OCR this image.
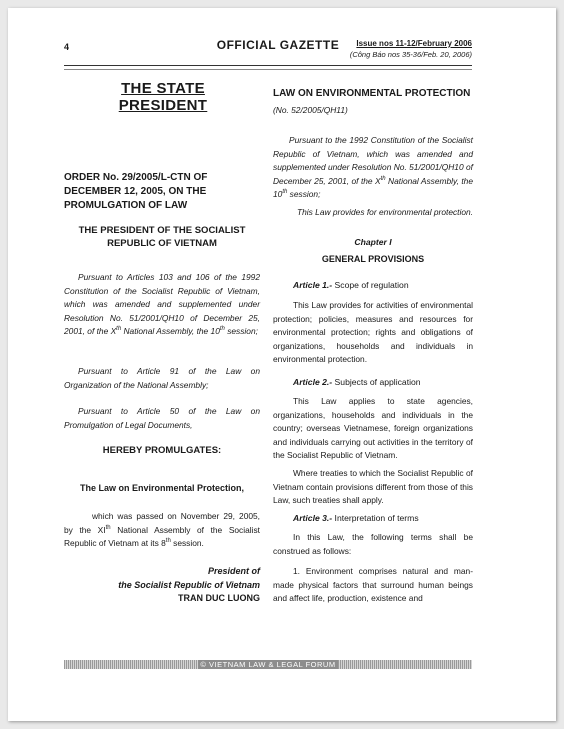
4	OFFICIAL GAZETTE	Issue nos 11-12/February 2006
(Công Báo nos 35-36/Feb. 20, 2006)
THE STATE PRESIDENT
ORDER No. 29/2005/L-CTN OF DECEMBER 12, 2005, ON THE PROMULGATION OF LAW
THE PRESIDENT OF THE SOCIALIST REPUBLIC OF VIETNAM
Pursuant to Articles 103 and 106 of the 1992 Constitution of the Socialist Republic of Vietnam, which was amended and supplemented under Resolution No. 51/2001/QH10 of December 25, 2001, of the Xth National Assembly, the 10th session;
Pursuant to Article 91 of the Law on Organization of the National Assembly;
Pursuant to Article 50 of the Law on Promulgation of Legal Documents,
HEREBY PROMULGATES:
The Law on Environmental Protection,
which was passed on November 29, 2005, by the XIth National Assembly of the Socialist Republic of Vietnam at its 8th session.
President of
the Socialist Republic of Vietnam
TRAN DUC LUONG
LAW ON ENVIRONMENTAL PROTECTION
(No. 52/2005/QH11)
Pursuant to the 1992 Constitution of the Socialist Republic of Vietnam, which was amended and supplemented under Resolution No. 51/2001/QH10 of December 25, 2001, of the Xth National Assembly, the 10th session;
This Law provides for environmental protection.
Chapter I
GENERAL PROVISIONS
Article 1.- Scope of regulation
This Law provides for activities of environmental protection; policies, measures and resources for environmental protection; rights and obligations of organizations, households and individuals in environmental protection.
Article 2.- Subjects of application
This Law applies to state agencies, organizations, households and individuals in the country; overseas Vietnamese, foreign organizations and individuals carrying out activities in the territory of the Socialist Republic of Vietnam.
Where treaties to which the Socialist Republic of Vietnam contain provisions different from those of this Law, such treaties shall apply.
Article 3.- Interpretation of terms
In this Law, the following terms shall be construed as follows:
1. Environment comprises natural and man-made physical factors that surround human beings and affect life, production, existence and
© VIETNAM LAW & LEGAL FORUM
